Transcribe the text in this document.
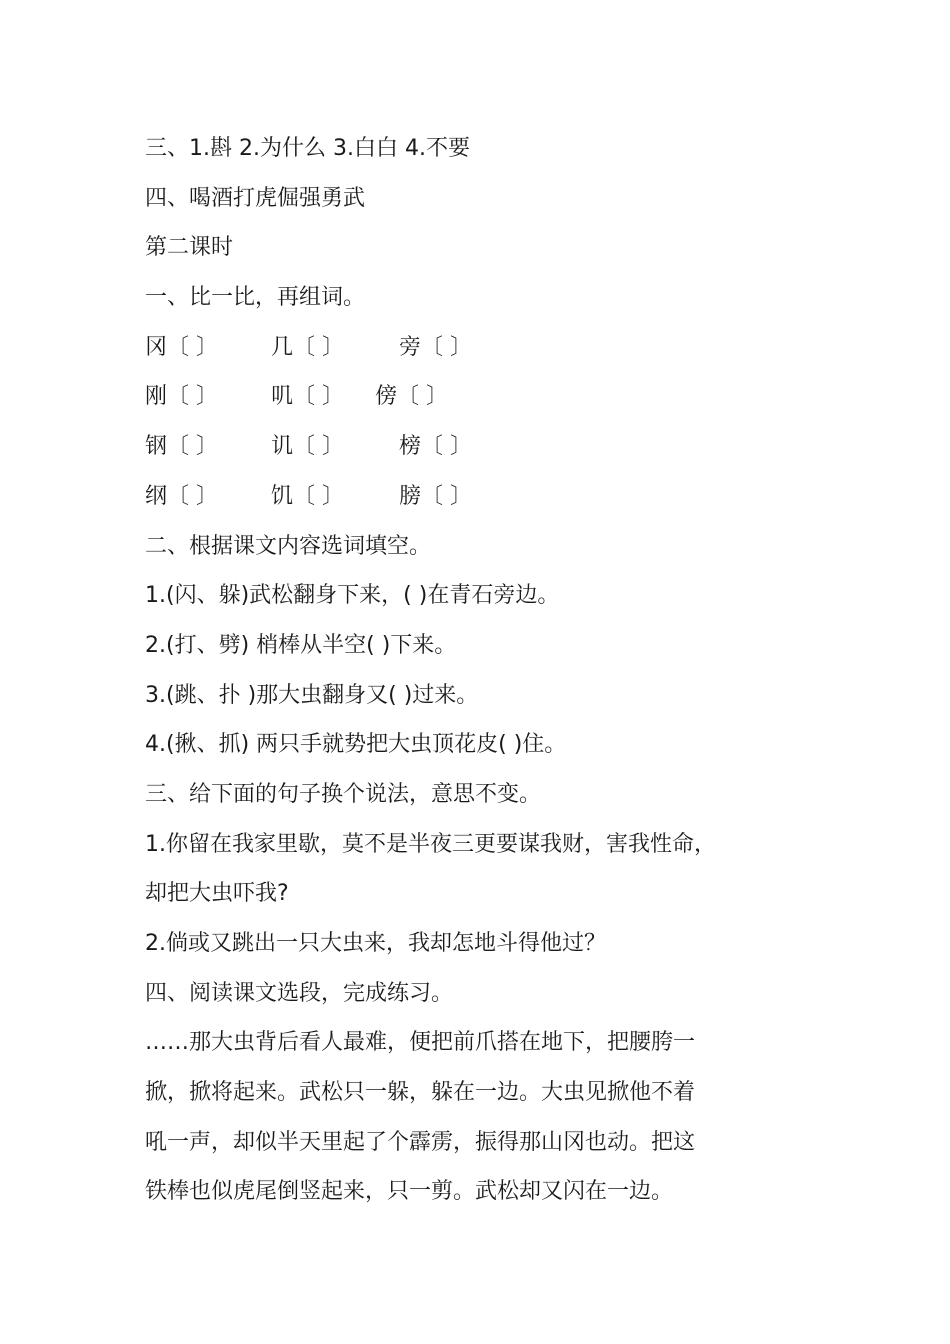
三、1.斟 2.为什么 3.白白 4.不要
四、喝酒打虎倔强勇武
第二课时
一、比一比，再组词。
冈〔 〕 几〔 〕	旁〔 〕
刚〔 〕 叽〔 〕 傍〔 〕
钢〔 〕 讥〔 〕	榜〔 〕
纲〔 〕 饥〔 〕	膀〔 〕
二、根据课文内容选词填空。
1.(闪、躲)武松翻身下来，( )在青石旁边。
2.(打、劈) 梢棒从半空( )下来。
3.(跳、扑 )那大虫翻身又( )过来。
4.(揪、抓) 两只手就势把大虫顶花皮( )住。
三、给下面的句子换个说法，意思不变。
1.你留在我家里歇，莫不是半夜三更要谋我财，害我性命，
却把大虫吓我?
2.倘或又跳出一只大虫来，我却怎地斗得他过？
四、阅读课文选段，完成练习。
……那大虫背后看人最难，便把前爪搭在地下，把腰胯一
掀，掀将起来。武松只一躲，躲在一边。大虫见掀他不着
吼一声，却似半天里起了个霹雳，振得那山冈也动。把这
铁棒也似虎尾倒竖起来，只一剪。武松却又闪在一边。
